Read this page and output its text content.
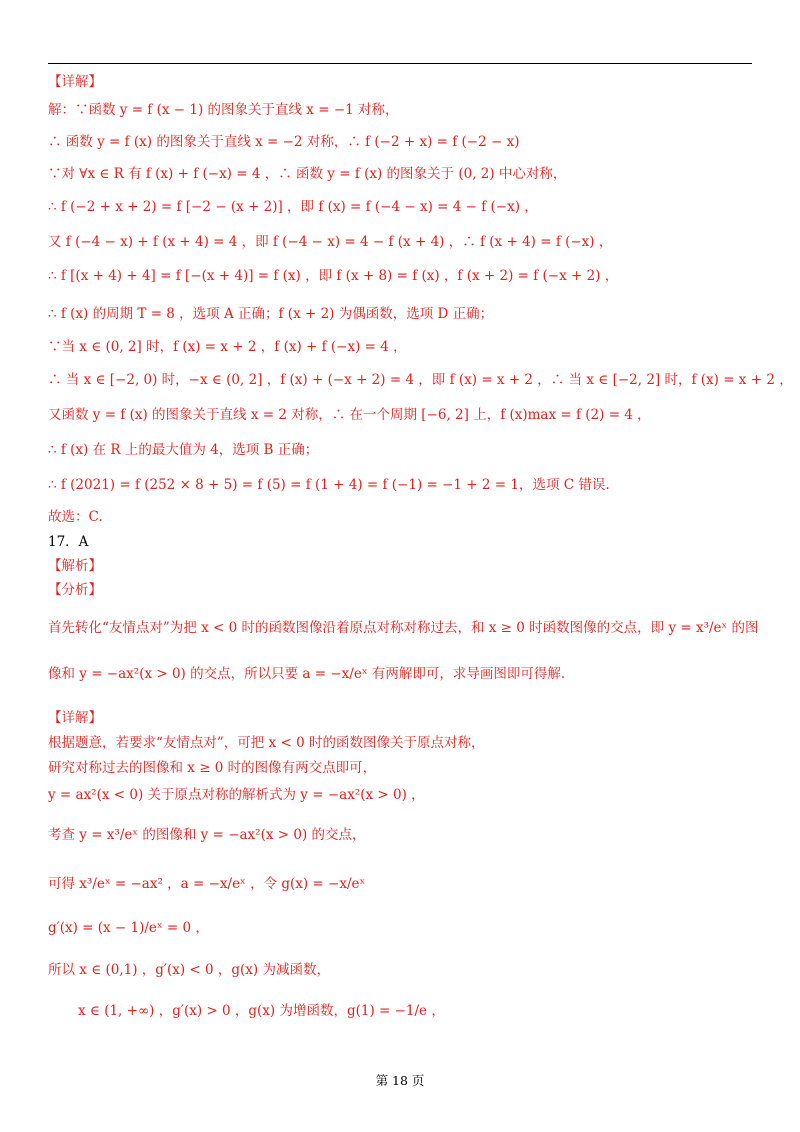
【详解】
解：∵函数 y = f (x − 1) 的图象关于直线 x = −1 对称，
∴ 函数 y = f (x) 的图象关于直线 x = −2 对称，∴ f (−2 + x) = f (−2 − x)
∵对 ∀x ∈ R 有 f (x) + f (−x) = 4 ，∴ 函数 y = f (x) 的图象关于 (0, 2) 中心对称，
∴ f (−2 + x + 2) = f [−2 − (x + 2)] ，即 f (x) = f (−4 − x) = 4 − f (−x) ，
又 f (−4 − x) + f (x + 4) = 4 ，即 f (−4 − x) = 4 − f (x + 4) ，∴ f (x + 4) = f (−x) ，
∴ f [(x + 4) + 4] = f [−(x + 4)] = f (x) ，即 f (x + 8) = f (x) ，f (x + 2) = f (−x + 2) ，
∴ f (x) 的周期 T = 8 ，选项 A 正确；f (x + 2) 为偶函数，选项 D 正确；
∵当 x ∈ (0, 2] 时，f (x) = x + 2 ，f (x) + f (−x) = 4 ，
∴ 当 x ∈ [−2, 0) 时，−x ∈ (0, 2] ，f (x) + (−x + 2) = 4 ，即 f (x) = x + 2 ，∴ 当 x ∈ [−2, 2] 时，f (x) = x + 2 ，
又函数 y = f (x) 的图象关于直线 x = 2 对称，∴ 在一个周期 [−6, 2] 上，f (x)max = f (2) = 4 ，
∴ f (x) 在 R 上的最大值为 4，选项 B 正确；
∴ f (2021) = f (252 × 8 + 5) = f (5) = f (1 + 4) = f (−1) = −1 + 2 = 1，选项 C 错误.
故选：C.
17．A
【解析】
【分析】
首先转化“友情点对”为把 x < 0 时的函数图像沿着原点对称对称过去，和 x ≥ 0 时函数图像的交点，即 y = x³/eˣ 的图
像和 y = −ax²(x > 0) 的交点，所以只要 a = −x/eˣ 有两解即可，求导画图即可得解.
【详解】
根据题意，若要求“友情点对”，可把 x < 0 时的函数图像关于原点对称，
研究对称过去的图像和 x ≥ 0 时的图像有两交点即可，
y = ax²(x < 0) 关于原点对称的解析式为 y = −ax²(x > 0) ，
考查 y = x³/eˣ 的图像和 y = −ax²(x > 0) 的交点，
可得 x³/eˣ = −ax² ，a = −x/eˣ ，令 g(x) = −x/eˣ
g′(x) = (x − 1)/eˣ = 0 ，
所以 x ∈ (0,1) ，g′(x) < 0 ，g(x) 为减函数，
x ∈ (1, +∞) ，g′(x) > 0 ，g(x) 为增函数，g(1) = −1/e ，
第 18 页
